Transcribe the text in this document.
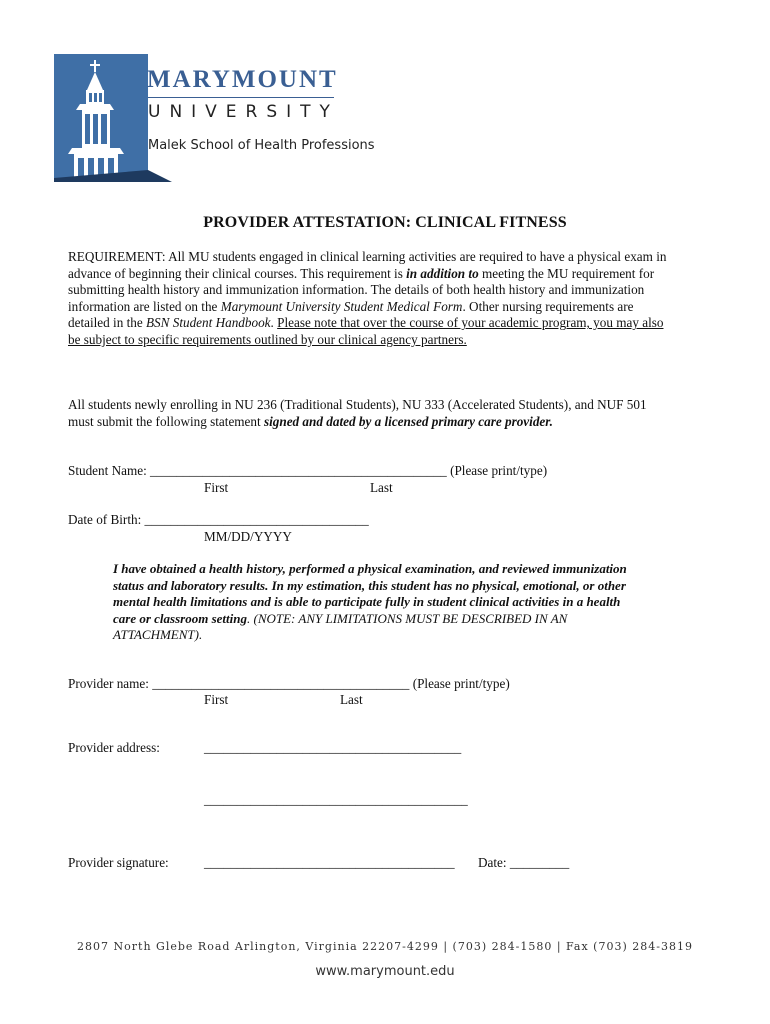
MARYMOUNT
UNIVERSITY
Malek School of Health Professions
PROVIDER ATTESTATION: CLINICAL FITNESS
REQUIREMENT: All MU students engaged in clinical learning activities are required to have a physical exam in advance of beginning their clinical courses. This requirement is in addition to meeting the MU requirement for submitting health history and immunization information. The details of both health history and immunization information are listed on the Marymount University Student Medical Form. Other nursing requirements are detailed in the BSN Student Handbook. Please note that over the course of your academic program, you may also be subject to specific requirements outlined by our clinical agency partners.
All students newly enrolling in NU 236 (Traditional Students), NU 333 (Accelerated Students), and NUF 501 must submit the following statement signed and dated by a licensed primary care provider.
Student Name: _____________________________________________ (Please print/type)
First	Last
Date of Birth: __________________________________
MM/DD/YYYY
I have obtained a health history, performed a physical examination, and reviewed immunization status and laboratory results. In my estimation, this student has no physical, emotional, or other mental health limitations and is able to participate fully in student clinical activities in a health care or classroom setting. (NOTE: ANY LIMITATIONS MUST BE DESCRIBED IN AN ATTACHMENT).
Provider name: _______________________________________ (Please print/type)
First	Last
Provider address:	_______________________________________
________________________________________
Provider signature:	______________________________________ Date: _________
2807 North Glebe Road Arlington, Virginia 22207-4299 | (703) 284-1580 | Fax (703) 284-3819
www.marymount.edu
